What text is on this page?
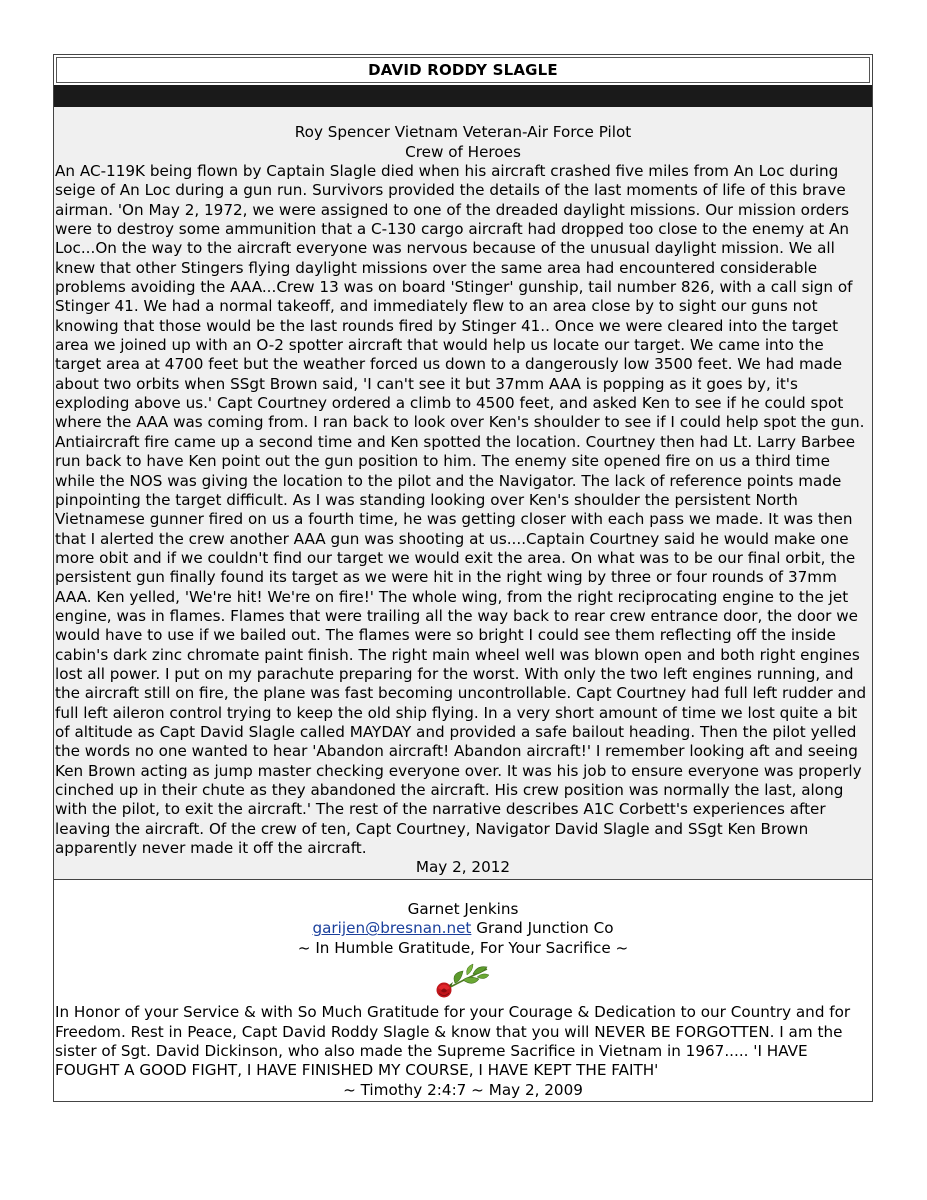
DAVID RODDY SLAGLE
Roy Spencer Vietnam Veteran-Air Force Pilot
Crew of Heroes
An AC-119K being flown by Captain Slagle died when his aircraft crashed five miles from An Loc during seige of An Loc during a gun run. Survivors provided the details of the last moments of life of this brave airman. 'On May 2, 1972, we were assigned to one of the dreaded daylight missions. Our mission orders were to destroy some ammunition that a C-130 cargo aircraft had dropped too close to the enemy at An Loc...On the way to the aircraft everyone was nervous because of the unusual daylight mission. We all knew that other Stingers flying daylight missions over the same area had encountered considerable problems avoiding the AAA...Crew 13 was on board 'Stinger' gunship, tail number 826, with a call sign of Stinger 41. We had a normal takeoff, and immediately flew to an area close by to sight our guns not knowing that those would be the last rounds fired by Stinger 41.. Once we were cleared into the target area we joined up with an O-2 spotter aircraft that would help us locate our target. We came into the target area at 4700 feet but the weather forced us down to a dangerously low 3500 feet. We had made about two orbits when SSgt Brown said, 'I can't see it but 37mm AAA is popping as it goes by, it's exploding above us.' Capt Courtney ordered a climb to 4500 feet, and asked Ken to see if he could spot where the AAA was coming from. I ran back to look over Ken's shoulder to see if I could help spot the gun. Antiaircraft fire came up a second time and Ken spotted the location. Courtney then had Lt. Larry Barbee run back to have Ken point out the gun position to him. The enemy site opened fire on us a third time while the NOS was giving the location to the pilot and the Navigator. The lack of reference points made pinpointing the target difficult. As I was standing looking over Ken's shoulder the persistent North Vietnamese gunner fired on us a fourth time, he was getting closer with each pass we made. It was then that I alerted the crew another AAA gun was shooting at us....Captain Courtney said he would make one more obit and if we couldn't find our target we would exit the area. On what was to be our final orbit, the persistent gun finally found its target as we were hit in the right wing by three or four rounds of 37mm AAA. Ken yelled, 'We're hit! We're on fire!' The whole wing, from the right reciprocating engine to the jet engine, was in flames. Flames that were trailing all the way back to rear crew entrance door, the door we would have to use if we bailed out. The flames were so bright I could see them reflecting off the inside cabin's dark zinc chromate paint finish. The right main wheel well was blown open and both right engines lost all power. I put on my parachute preparing for the worst. With only the two left engines running, and the aircraft still on fire, the plane was fast becoming uncontrollable. Capt Courtney had full left rudder and full left aileron control trying to keep the old ship flying. In a very short amount of time we lost quite a bit of altitude as Capt David Slagle called MAYDAY and provided a safe bailout heading. Then the pilot yelled the words no one wanted to hear 'Abandon aircraft! Abandon aircraft!' I remember looking aft and seeing Ken Brown acting as jump master checking everyone over. It was his job to ensure everyone was properly cinched up in their chute as they abandoned the aircraft. His crew position was normally the last, along with the pilot, to exit the aircraft.' The rest of the narrative describes A1C Corbett's experiences after leaving the aircraft. Of the crew of ten, Capt Courtney, Navigator David Slagle and SSgt Ken Brown apparently never made it off the aircraft.
May 2, 2012
Garnet Jenkins
garijen@bresnan.net Grand Junction Co
~ In Humble Gratitude, For Your Sacrifice ~
In Honor of your Service & with So Much Gratitude for your Courage & Dedication to our Country and for Freedom. Rest in Peace, Capt David Roddy Slagle & know that you will NEVER BE FORGOTTEN. I am the sister of Sgt. David Dickinson, who also made the Supreme Sacrifice in Vietnam in 1967..... 'I HAVE FOUGHT A GOOD FIGHT, I HAVE FINISHED MY COURSE, I HAVE KEPT THE FAITH'
~ Timothy 2:4:7 ~ May 2, 2009
